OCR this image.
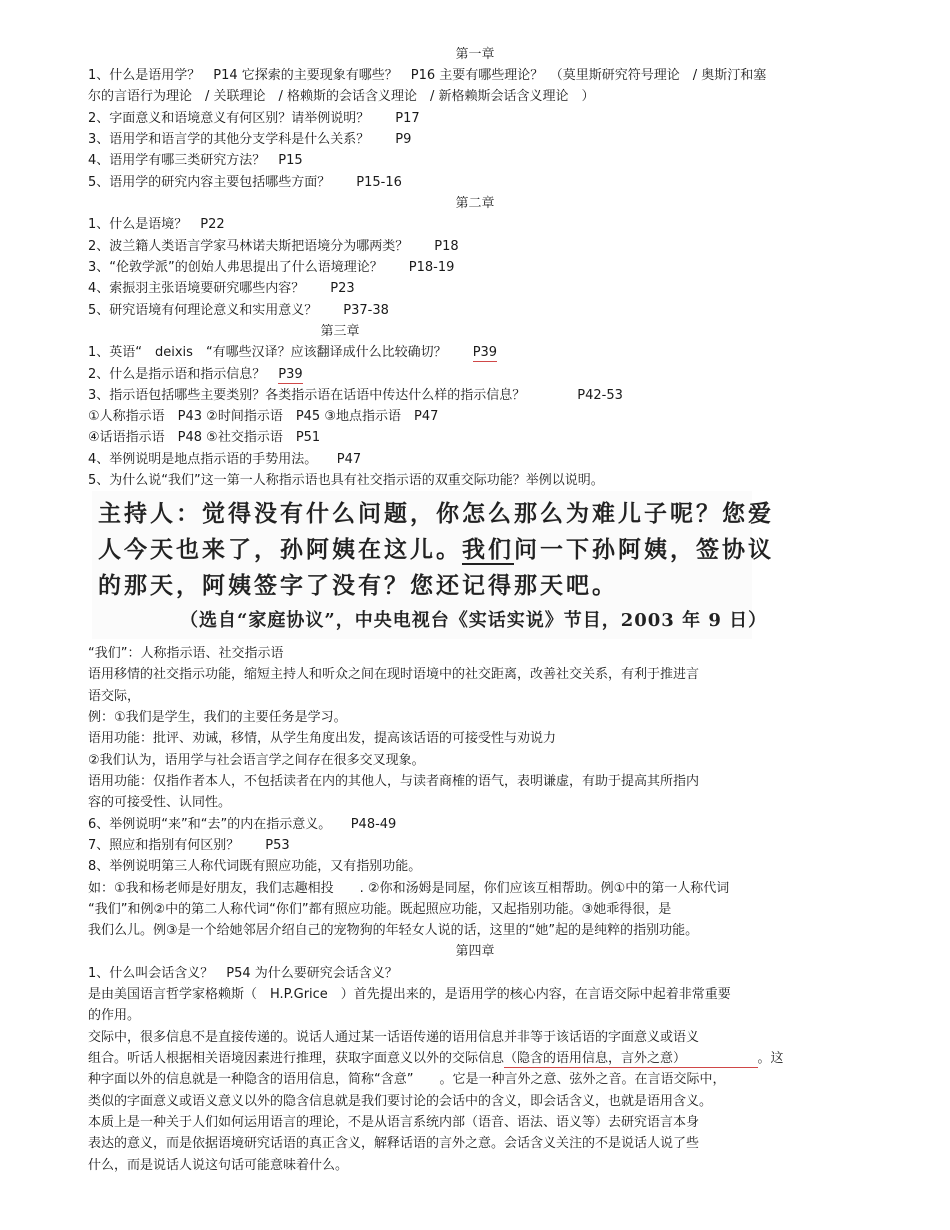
第一章
1、什么是语用学？　P14 它探索的主要现象有哪些？　P16 主要有哪些理论？　（莫里斯研究符号理论　/ 奥斯汀和塞
尔的言语行为理论　/ 关联理论　/ 格赖斯的会话含义理论　/ 新格赖斯会话含义理论　）
2、字面意义和语境意义有何区别？请举例说明？　　P17
3、语用学和语言学的其他分支学科是什么关系？　　P9
4、语用学有哪三类研究方法？　P15
5、语用学的研究内容主要包括哪些方面？　　P15-16
第二章
1、什么是语境？　P22
2、波兰籍人类语言学家马林诺夫斯把语境分为哪两类？　　P18
3、“伦敦学派”的创始人弗思提出了什么语境理论？　　P18-19
4、索振羽主张语境要研究哪些内容？　　P23
5、研究语境有何理论意义和实用意义？　　P37-38
第三章
1、英语“　deixis　“有哪些汉译？应该翻译成什么比较确切？　　P39
2、什么是指示语和指示信息？　P39
3、指示语包括哪些主要类别？各类指示语在话语中传达什么样的指示信息？　　　　P42-53
①人称指示语　P43 ②时间指示语　P45 ③地点指示语　P47
④话语指示语　P48 ⑤社交指示语　P51
4、举例说明是地点指示语的手势用法。　　P47
5、为什么说“我们”这一第一人称指示语也具有社交指示语的双重交际功能？举例以说明。
主持人：觉得没有什么问题，你怎么那么为难儿子呢？您爱
人今天也来了，孙阿姨在这儿。我们问一下孙阿姨，签协议
的那天，阿姨签字了没有？您还记得那天吧。
（选自“家庭协议”，中央电视台《实话实说》节目，2003 年 9 日）
“我们”：人称指示语、社交指示语
语用移情的社交指示功能，缩短主持人和听众之间在现时语境中的社交距离，改善社交关系，有利于推进言
语交际，
例：①我们是学生，我们的主要任务是学习。
语用功能：批评、劝诫，移情，从学生角度出发，提高该话语的可接受性与劝说力
②我们认为，语用学与社会语言学之间存在很多交叉现象。
语用功能：仅指作者本人，不包括读者在内的其他人，与读者商榷的语气，表明谦虚，有助于提高其所指内
容的可接受性、认同性。
6、举例说明“来”和“去”的内在指示意义。　　P48-49
7、照应和指别有何区别？　　P53
8、举例说明第三人称代词既有照应功能，又有指别功能。
如：①我和杨老师是好朋友，我们志趣相投　　. ②你和汤姆是同屋，你们应该互相帮助。例①中的第一人称代词
“我们”和例②中的第二人称代词“你们”都有照应功能。既起照应功能，又起指别功能。③她乖得很，是　
我们么儿。例③是一个给她邻居介绍自己的宠物狗的年轻女人说的话，这里的“她”起的是纯粹的指别功能。
第四章
1、什么叫会话含义？　P54 为什么要研究会话含义？
是由美国语言哲学家格赖斯（　H.P.Grice　）首先提出来的，是语用学的核心内容，在言语交际中起着非常重要
的作用。
交际中，很多信息不是直接传递的。说话人通过某一话语传递的语用信息并非等于该话语的字面意义或语义
组合。听话人根据相关语境因素进行推理，获取字面意义以外的交际信息（隐含的语用信息，言外之意）　　　　　　。这
种字面以外的信息就是一种隐含的语用信息，简称“含意”　　。它是一种言外之意、弦外之音。在言语交际中，
类似的字面意义或语义意义以外的隐含信息就是我们要讨论的会话中的含义，即会话含义，也就是语用含义。
本质上是一种关于人们如何运用语言的理论，不是从语言系统内部（语音、语法、语义等）去研究语言本身
表达的意义，而是依据语境研究话语的真正含义，解释话语的言外之意。会话含义关注的不是说话人说了些
什么，而是说话人说这句话可能意味着什么。
